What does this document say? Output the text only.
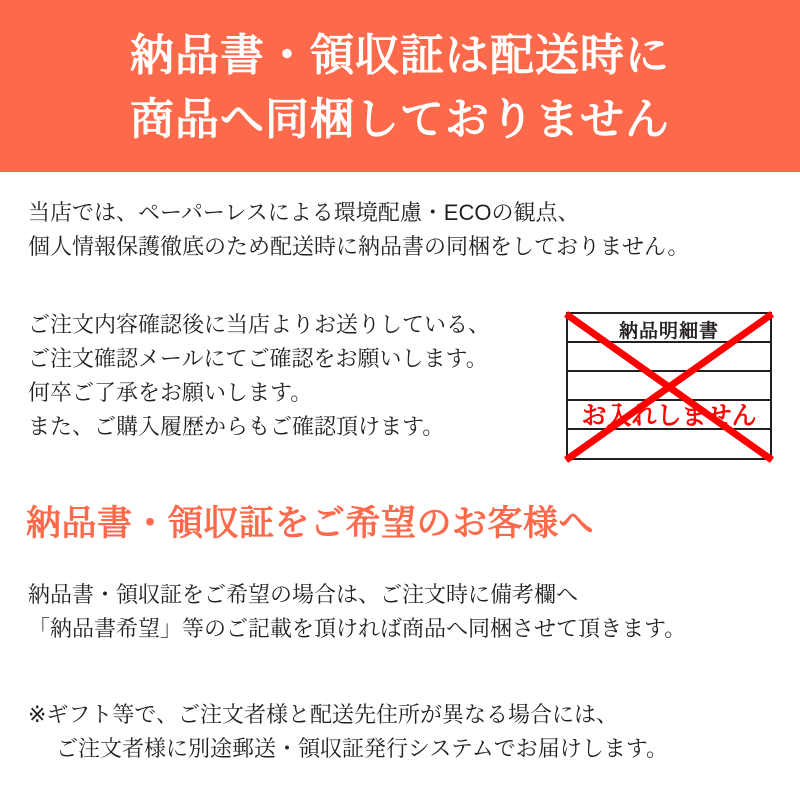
納品書・領収証は配送時に
商品へ同梱しておりません
当店では、ペーパーレスによる環境配慮・ECOの観点、
個人情報保護徹底のため配送時に納品書の同梱をしておりません。
ご注文内容確認後に当店よりお送りしている、
ご注文確認メールにてご確認をお願いします。
何卒ご了承をお願いします。
また、ご購入履歴からもご確認頂けます。
納品明細書
お入れしません
納品書・領収証をご希望のお客様へ
納品書・領収証をご希望の場合は、ご注文時に備考欄へ
「納品書希望」等のご記載を頂ければ商品へ同梱させて頂きます。
※ギフト等で、ご注文者様と配送先住所が異なる場合には、
ご注文者様に別途郵送・領収証発行システムでお届けします。
